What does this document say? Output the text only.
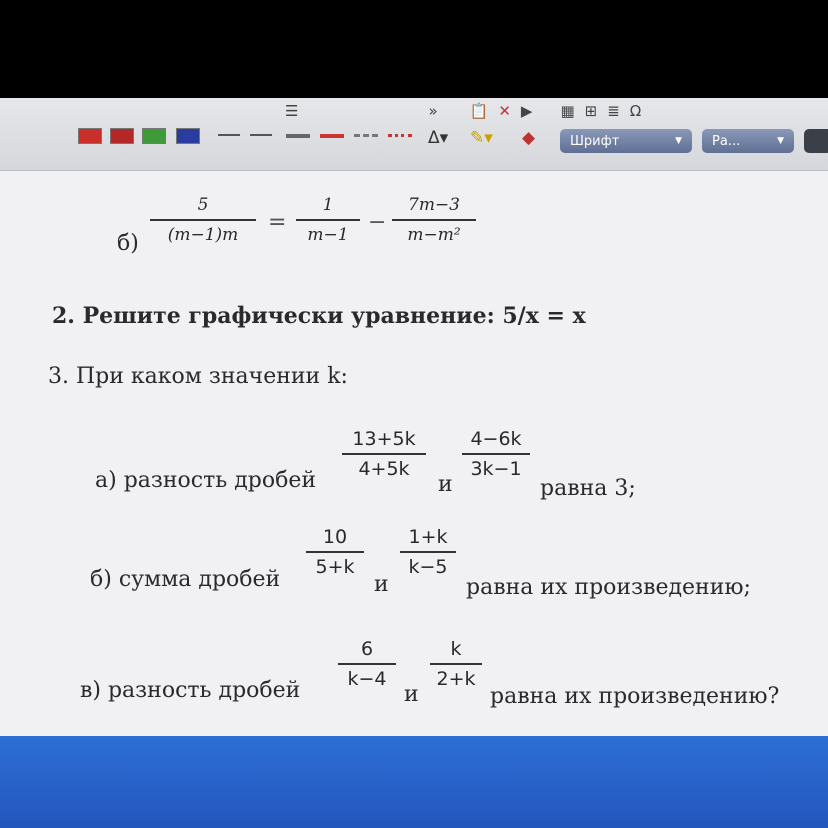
☰	» 📋 ✕ ▶ ▦ ⊞ ≣ Ω
Δ▾ ✎▾ ◆	Шрифт	▼ Ра...	▼
б)
5
(m−1)m	=
1
m−1 −
7m−3
m−m²
2. Решите графически уравнение: 5/x = x
3. При каком значении k:
а) разность дробей
13+5k
4+5k
и
4−6k
3k−1
равна 3;
б) сумма дробей
10
5+k
и
1+k
k−5
равна их произведению;
в) разность дробей
6
k−4
и
k
2+k
равна их произведению?
